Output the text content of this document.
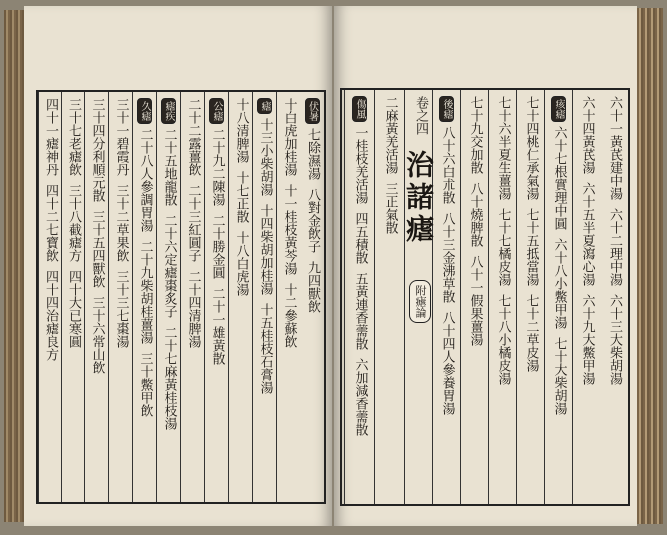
伏暑
七除濕湯
八對金飲子
九四獸飲
十白虎加桂湯
十一桂枝黃芩湯
十二參蘇飲
瘧
十三小柴胡湯
十四柴胡加桂湯
十五桂枝石膏湯
十八清脾湯
十七正散
十八白虎湯
公瘧
二十九二陳湯
二十勝金圓
二十一雄黃散
二十二露薑飲
二十三紅圓子
二十四清脾湯
瘧疾
二十五地龍散
二十六定瘧棗炙子
二十七麻黃桂枝湯
久瘧
二十八人參調胃湯
二十九柴胡桂薑湯
三十鱉甲飲
三十一碧霞丹
三十二草果飲
三十三七棗湯
三十四分利順元散
三十五四獸飲
三十六常山飲
三十七老瘧飲
三十八截瘧方
四十大已寒圓
四十一瘧神丹
四十二七寶飲
四十四治瘧良方
六十一黃芪建中湯
六十二理中湯
六十三大柴胡湯
六十四黃芪湯
六十五半夏瀉心湯
六十九大鱉甲湯
痎瘧
六十七根實理中圓
六十八小鱉甲湯
七十大柴胡湯
七十四桃仁承氣湯
七十五抵當湯
七十二草皮湯
七十六半夏生薑湯
七十七橘皮湯
七十八小橘皮湯
七十九交加散
八十燒脾散
八十一假果薑湯
後瘧
八十六白朮散
八十三金沸草散
八十四人參養胃湯
治諸瘧
附瘧論
卷之四
二麻黃羌活湯
三正氣散
傷風
一桂枝羌活湯
四五積散
五黃連香薷散
六加減香薷散
